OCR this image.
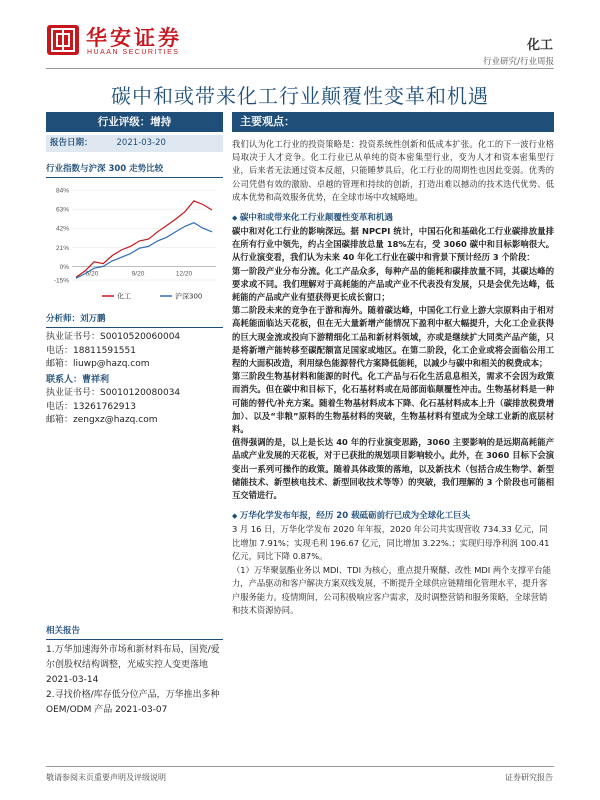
华安证券
HUAAN SECURITIES	化工
行业研究/行业周报
碳中和或带来化工行业颠覆性变革和机遇
行业评级：增持
报告日期：	2021-03-20
行业指数与沪深 300 走势比较
84%
63%
42%
21%
0%
-15%
6/20	9/20	12/20
化工	沪深300
分析师：刘万鹏
执业证书号：S0010520060004
电话：18811591551
邮箱：liuwp@hazq.com
联系人：曹祥利
执业证书号：S0010120080034
电话：13261762913
邮箱：zengxz@hazq.com
相关报告
1.万华加速海外市场和新材料布局，国瓷/爱尔创股权结构调整，光威实控人变更落地 2021-03-14
2.寻找价格/库存低分位产品，万华推出多种 OEM/ODM 产品 2021-03-07
主要观点：
我们认为化工行业的投资策略是：投资系统性创新和低成本扩张。化工的下一波行业格局取决于人才竞争。化工行业已从单纯的资本密集型行业，变为人才和资本密集型行业，后来者无法通过资本反超，只能睡梦具后，化工行业的周期性也因此变弱。优秀的公司凭借有效的激励、卓越的管理和持续的创新，打造出难以撼动的技术迭代优势、低成本优势和高效服务优势，在全球市场中攻城略地。
◆ 碳中和或带来化工行业颠覆性变革和机遇
碳中和对化工行业的影响深远。据 NPCPI 统计，中国石化和基础化工行业碳排放量排在所有行业中领先，约占全国碳排放总量 18%左右，受 3060 碳中和目标影响很大。从行业演变看，我们认为未来 40 年化工行业在碳中和背景下预计经历 3 个阶段：
第一阶段产业分布分流。化工产品众多，每种产品的能耗和碳排放量不同，其碳达峰的要求或不同。我们理解对于高耗能的产品或产业不代表没有发展，只是会优先达峰，低耗能的产品或产业有望获得更长成长窗口；
第二阶段未来的竞争在于游和海外。随着碳达峰，中国化工行业上游大宗原料由于相对高耗能面临达天花板，但在无大量新增产能情况下盈利中枢大幅提升，大化工企业获得的巨大现金流或投向下游精细化工品和新材料领域，亦或是继续扩大同类产品产能，只是将新增产能转移至碳配额富足国家或地区。在第二阶段，化工企业或将会面临公用工程的大面积改造，利用绿色能源替代方案降低能耗，以减少与碳中和相关的税费成本；
第三阶段生物基材料和能源的时代。化工产品与石化生活息息相关，需求不会因为政策而消失。但在碳中和目标下，化石基材料或在局部面临颠覆性冲击。生物基材料是一种可能的替代/补充方案。随着生物基材料成本下降、化石基材料成本上升（碳排放税费增加）、以及“非粮”原料的生物基材料的突破，生物基材料有望成为全球工业新的底层材料。
值得强调的是，以上是长达 40 年的行业演变思路，3060 主要影响的是远期高耗能产品或产业发展的天花板，对于已获批的规划项目影响较小。此外，在 3060 目标下会演变出一系列可操作的政策。随着具体政策的落地，以及新技术（包括合成生物学、新型储能技术、新型核电技术、新型回收技术等等）的突破，我们理解的 3 个阶段也可能相互交错进行。
◆ 万华化学发布年报，经历 20 载砥砺前行已成为全球化工巨头
3 月 16 日，万华化学发布 2020 年年报，2020 年公司共实现营收 734.33 亿元，同比增加 7.91%；实现毛利 196.67 亿元，同比增加 3.22%.；实现归母净利润 100.41 亿元，同比下降 0.87%。
（1）万华聚氨酯业务以 MDI、TDI 为核心，重点提升聚醚、改性 MDI 两个支撑平台能力，产品驱动和客户解决方案双线发展，不断提升全球供应链精细化管理水平，提升客户服务能力。疫情期间，公司积极响应客户需求，及时调整营销和服务策略，全球营销和技术资源协同。
敬请参阅末页重要声明及评级说明	证券研究报告
